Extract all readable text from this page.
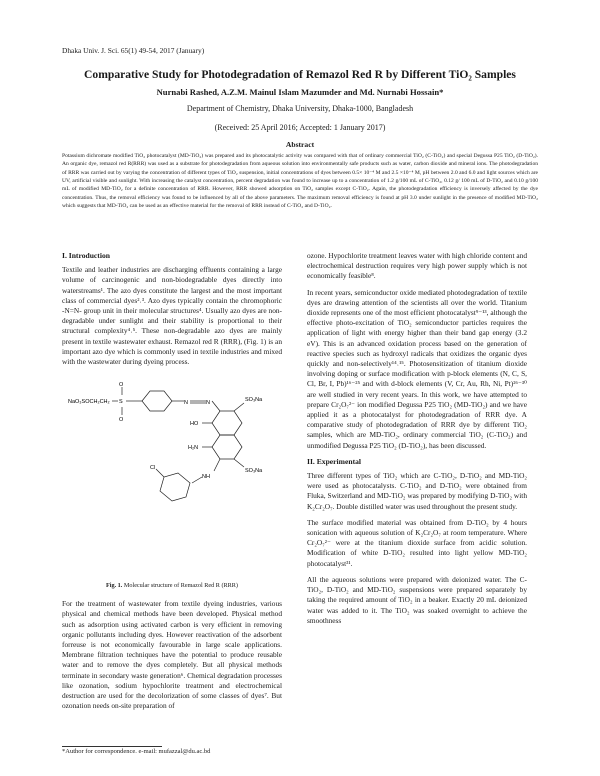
Dhaka Univ. J. Sci. 65(1) 49-54, 2017 (January)
Comparative Study for Photodegradation of Remazol Red R by Different TiO₂ Samples
Nurnabi Rashed, A.Z.M. Mainul Islam Mazumder and Md. Nurnabi Hossain*
Department of Chemistry, Dhaka University, Dhaka-1000, Bangladesh
(Received: 25 April 2016; Accepted: 1 January 2017)
Abstract
Potassium dichromate modified TiO₂ photocatalyst (MD-TiO₂) was prepared and its photocatalytic activity was compared with that of ordinary commercial TiO₂ (C-TiO₂) and special Degussa P25 TiO₂ (D-TiO₂). An organic dye, remazol red R(RRR) was used as a substrate for photodegradation from aqueous solution into environmentally safe products such as water, carbon dioxide and mineral ions. The photodegradation of RRR was carried out by varying the concentration of different types of TiO₂ suspension, initial concentrations of dyes between 0.5× 10⁻⁴ M and 2.5 ×10⁻⁴ M, pH between 2.0 and 6.0 and light sources which are UV, artificial visible and sunlight. With increasing the catalyst concentration, percent degradation was found to increase up to a concentration of 1.2 g/100 mL of C-TiO₂, 0.12 g/ 100 mL of D-TiO₂ and 0.10 g/100 mL of modified MD-TiO₂ for a definite concentration of RRR. However, RRR showed adsorption on TiO₂ samples except C-TiO₂. Again, the photodegradation efficiency is inversely affected by the dye concentration. Thus, the removal efficiency was found to be influenced by all of the above parameters. The maximum removal efficiency is found at pH 3.0 under sunlight in the presence of modified MD-TiO₂ which suggests that MD-TiO₂ can be used as an effective material for the removal of RRR instead of C-TiO₂ and D-TiO₂.
I. Introduction

Textile and leather industries are discharging effluents containing a large volume of carcinogenic and non-biodegradable dyes directly into waterstreams¹. The azo dyes constitute the largest and the most important class of commercial dyes²˒³. Azo dyes typically contain the chromophoric -N=N- group unit in their molecular structures⁴. Usually azo dyes are non-degradable under sunlight and their stability is proportional to their structural complexity⁴˒⁵. These non-degradable azo dyes are mainly present in textile wastewater exhaust. Remazol red R (RRR), (Fig. 1) is an important azo dye which is commonly used in textile industries and mixed with the wastewater during dyeing process.

NaO₃SOCH₂CH₂ S
O
O
N	N	SO₃Na
HO
H₂N
SO₃Na
NH
Cl
Fig. 1. Molecular structure of Remazol Red R (RRR)

For the treatment of wastewater from textile dyeing industries, various physical and chemical methods have been developed. Physical method such as adsorption using activated carbon is very efficient in removing organic pollutants including dyes. However reactivation of the adsorbent forreuse is not economically favourable in large scale applications. Membrane filtration techniques have the potential to produce reusable water and to remove the dyes completely. But all physical methods terminate in secondary waste generation⁶. Chemical degradation processes like ozonation, sodium hypochlorite treatment and electrochemical destruction are used for the decolorization of some classes of dyes⁷. But ozonation needs on-site preparation of

ozone. Hypochlorite treatment leaves water with high chloride content and electrochemical destruction requires very high power supply which is not economically feasible⁸.

In recent years, semiconductor oxide mediated photodegradation of textile dyes are drawing attention of the scientists all over the world. Titanium dioxide represents one of the most efficient photocatalyst⁹⁻¹³, although the effective photo-excitation of TiO₂ semiconductor particles requires the application of light with energy higher than their band gap energy (3.2 eV). This is an advanced oxidation process based on the generation of reactive species such as hydroxyl radicals that oxidizes the organic dyes quickly and non-selectively¹⁴˒¹⁵. Photosensitization of titanium dioxide involving doping or surface modification with p-block elements (N, C, S, Cl, Br, I, Pb)¹⁶⁻²⁵ and with d-block elements (V, Cr, Au, Rh, Ni, Pt)²⁶⁻³⁰ are well studied in very recent years. In this work, we have attempted to prepare Cr₂O₇²⁻ ion modified Degussa P25 TiO₂ (MD-TiO₂) and we have applied it as a photocatalyst for photodegradation of RRR dye. A comparative study of photodegradation of RRR dye by different TiO₂ samples, which are MD-TiO₂, ordinary commercial TiO₂ (C-TiO₂) and unmodified Degussa P25 TiO₂ (D-TiO₂), has been discussed.

II. Experimental

Three different types of TiO₂ which are C-TiO₂, D-TiO₂ and MD-TiO₂ were used as photocatalysts. C-TiO₂ and D-TiO₂ were obtained from Fluka, Switzerland and MD-TiO₂ was prepared by modifying D-TiO₂ with K₂Cr₂O₇. Double distilled water was used throughout the present study.

The surface modified material was obtained from D-TiO₂ by 4 hours sonication with aqueous solution of K₂Cr₂O₇ at room temperature. Where Cr₂O₇²⁻ were at the titanium dioxide surface from acidic solution. Modification of white D-TiO₂ resulted into light yellow MD-TiO₂ photocatalyst³¹.

All the aqueous solutions were prepared with deionized water. The C-TiO₂, D-TiO₂ and MD-TiO₂ suspensions were prepared separately by taking the required amount of TiO₂ in a beaker. Exactly 20 mL deionized water was added to it. The TiO₂ was soaked overnight to achieve the smoothness

*Author for correspondence. e-mail: mufazzal@du.ac.bd
